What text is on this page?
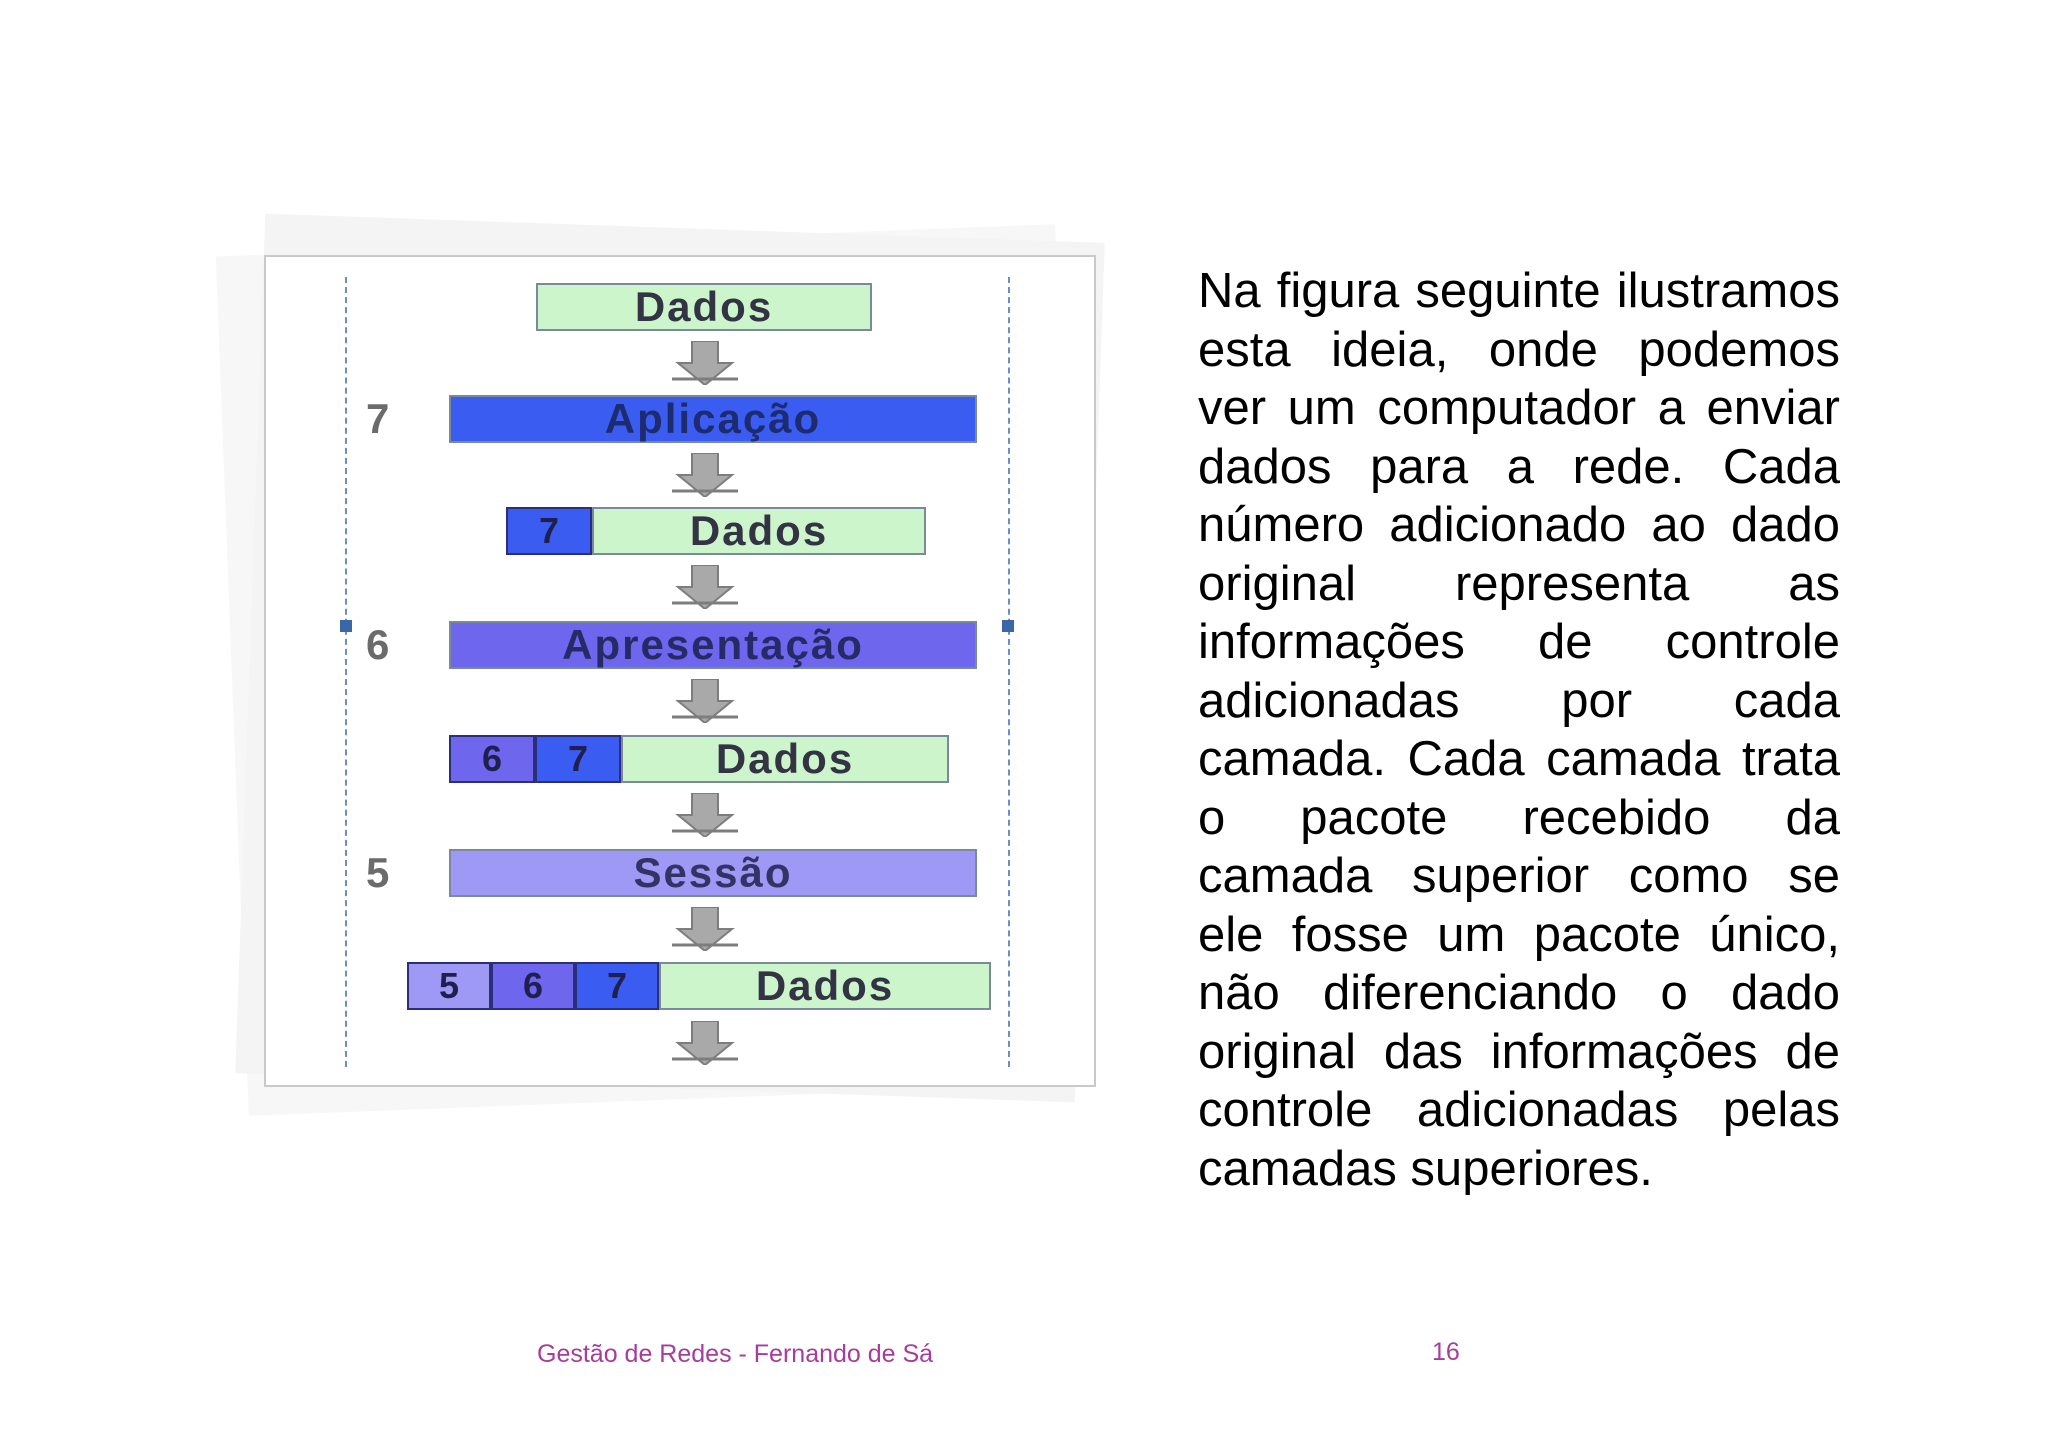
Dados
7	Aplicação
7	Dados
6	Apresentação
6	7	Dados
5	Sessão
5	6	7	Dados

Na figura seguinte ilustramos esta ideia, onde podemos ver um computador a enviar dados para a rede. Cada número adicionado ao dado original representa as informações de controle adicionadas por cada camada. Cada camada trata o pacote recebido da camada superior como se ele fosse um pacote único, não diferenciando o dado original das informações de controle adicionadas pelas camadas superiores.

Gestão de Redes - Fernando de Sá	16
